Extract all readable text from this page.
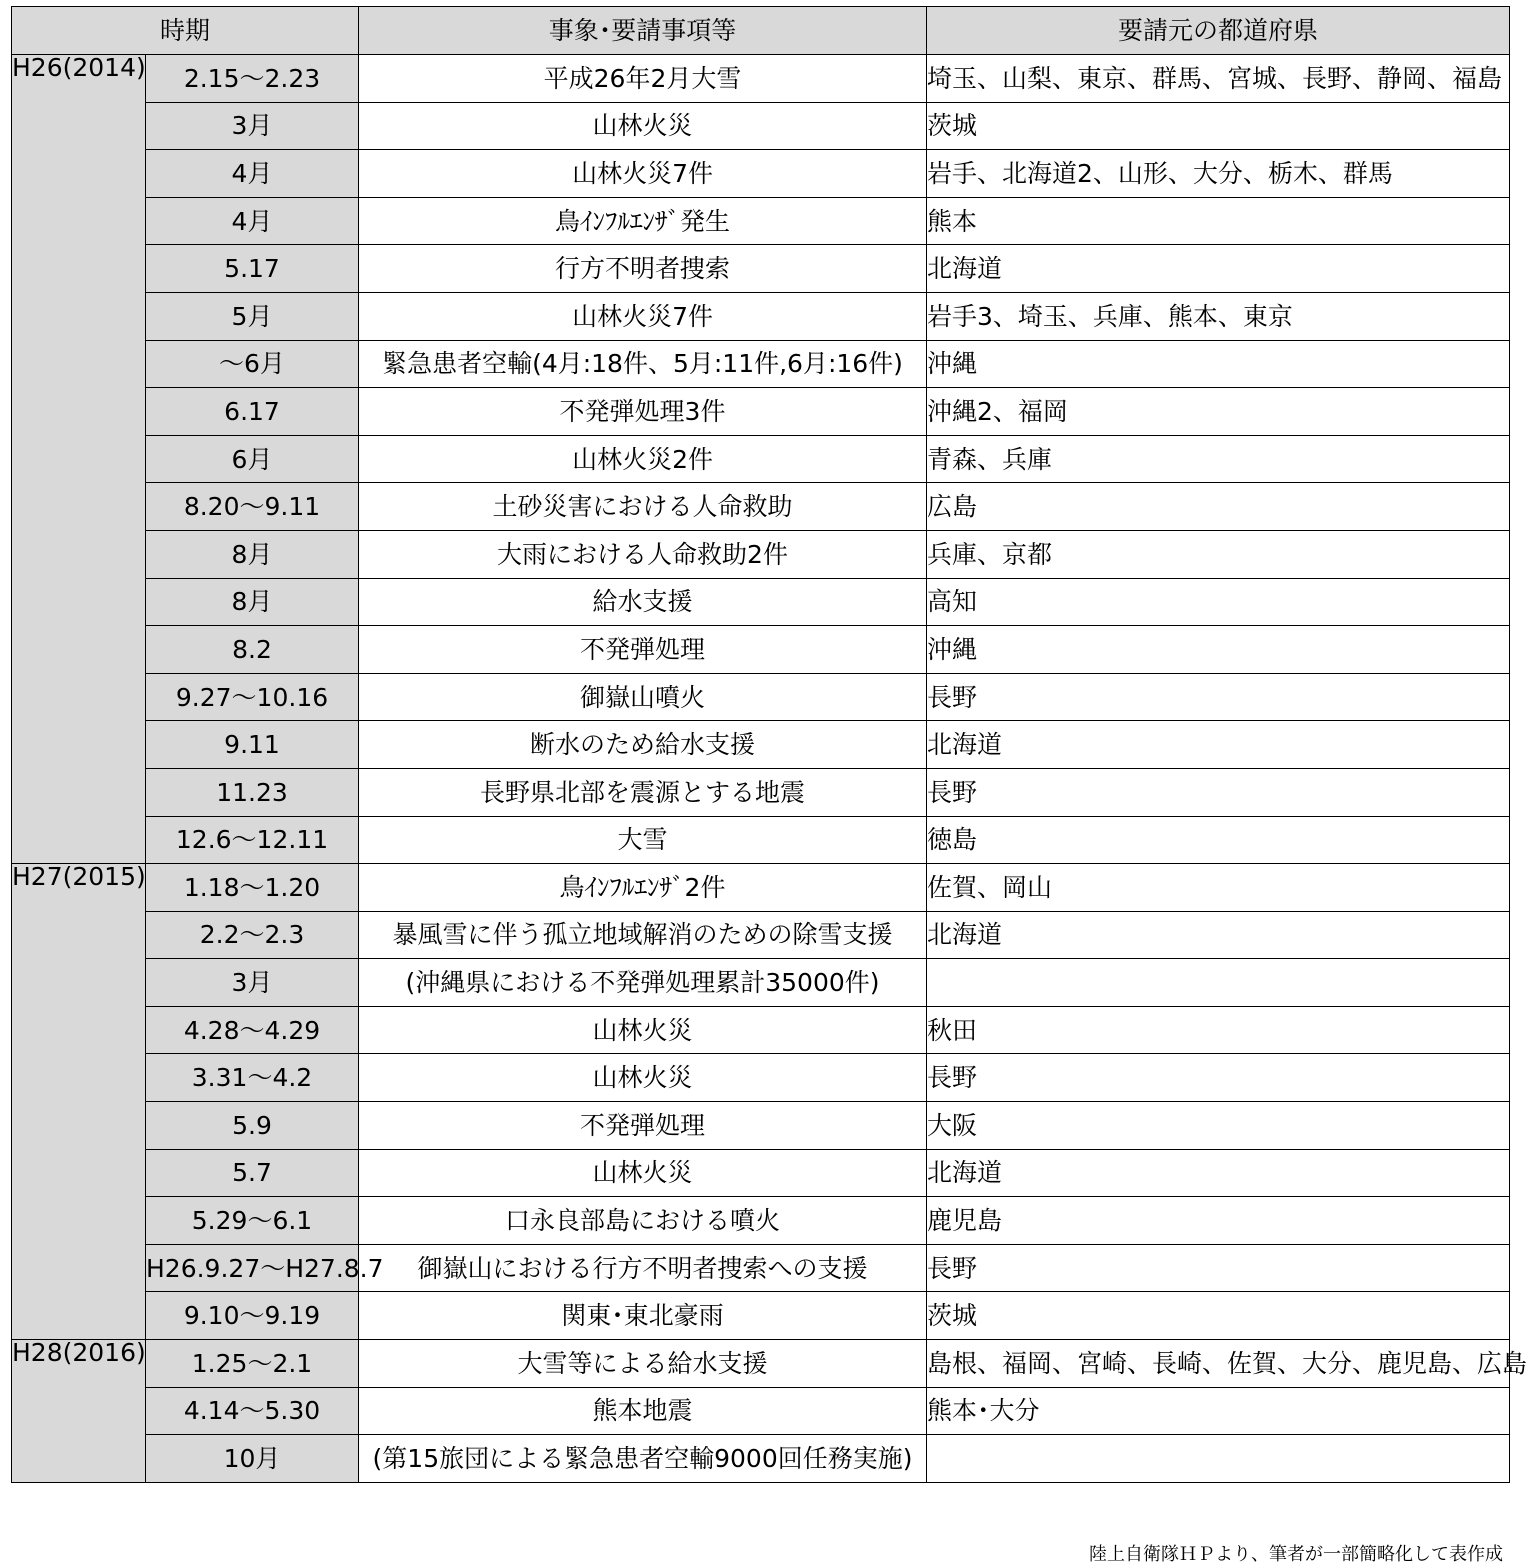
時期		事象･要請事項等	要請元の都道府県
H26(2014)	2.15～2.23	平成26年2月大雪	埼玉、山梨、東京、群馬、宮城、長野、静岡、福島
	3月	山林火災	茨城
	4月	山林火災7件	岩手、北海道2、山形、大分、栃木、群馬
	4月	鳥ｲﾝﾌﾙｴﾝｻﾞ発生	熊本
	5.17	行方不明者捜索	北海道
	5月	山林火災7件	岩手3、埼玉、兵庫、熊本、東京
	～6月	緊急患者空輸(4月:18件、5月:11件,6月:16件)	沖縄
	6.17	不発弾処理3件	沖縄2、福岡
	6月	山林火災2件	青森、兵庫
	8.20～9.11	土砂災害における人命救助	広島
	8月	大雨における人命救助2件	兵庫、京都
	8月	給水支援	高知
	8.2	不発弾処理	沖縄
	9.27～10.16	御嶽山噴火	長野
	9.11	断水のため給水支援	北海道
	11.23	長野県北部を震源とする地震	長野
	12.6～12.11	大雪	徳島
H27(2015)	1.18～1.20	鳥ｲﾝﾌﾙｴﾝｻﾞ2件	佐賀、岡山
	2.2～2.3	暴風雪に伴う孤立地域解消のための除雪支援	北海道
	3月	(沖縄県における不発弾処理累計35000件)	
	4.28～4.29	山林火災	秋田
	3.31～4.2	山林火災	長野
	5.9	不発弾処理	大阪
	5.7	山林火災	北海道
	5.29～6.1	口永良部島における噴火	鹿児島
	H26.9.27～H27.8.7	御嶽山における行方不明者捜索への支援	長野
	9.10～9.19	関東･東北豪雨	茨城
H28(2016)	1.25～2.1	大雪等による給水支援	島根、福岡、宮崎、長崎、佐賀、大分、鹿児島、広島
	4.14～5.30	熊本地震	熊本･大分
	10月	(第15旅団による緊急患者空輸9000回任務実施)	
陸上自衛隊ＨＰより、筆者が一部簡略化して表作成
